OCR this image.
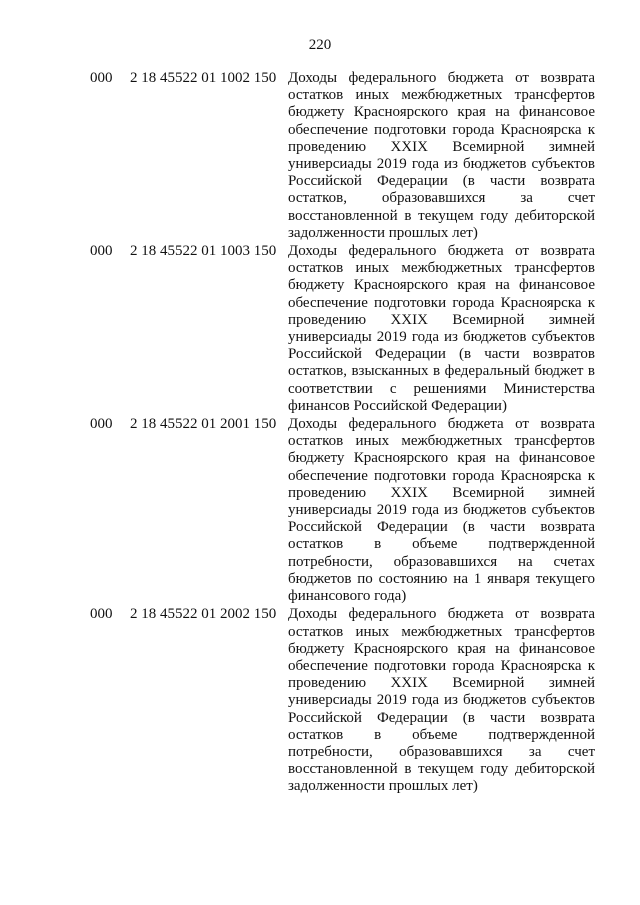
220
000	2 18 45522 01 1002 150 Доходы федерального бюджета от возврата остатков иных межбюджетных трансфертов бюджету Красноярского края на финансовое обеспечение подготовки города Красноярска к проведению XXIX Всемирной зимней универсиады 2019 года из бюджетов субъектов Российской Федерации (в части возврата остатков, образовавшихся за счет восстановленной в текущем году дебиторской задолженности прошлых лет)
000	2 18 45522 01 1003 150 Доходы федерального бюджета от возврата остатков иных межбюджетных трансфертов бюджету Красноярского края на финансовое обеспечение подготовки города Красноярска к проведению XXIX Всемирной зимней универсиады 2019 года из бюджетов субъектов Российской Федерации (в части возвратов остатков, взысканных в федеральный бюджет в соответствии с решениями Министерства финансов Российской Федерации)
000	2 18 45522 01 2001 150 Доходы федерального бюджета от возврата остатков иных межбюджетных трансфертов бюджету Красноярского края на финансовое обеспечение подготовки города Красноярска к проведению XXIX Всемирной зимней универсиады 2019 года из бюджетов субъектов Российской Федерации (в части возврата остатков в объеме подтвержденной потребности, образовавшихся на счетах бюджетов по состоянию на 1 января текущего финансового года)
000	2 18 45522 01 2002 150 Доходы федерального бюджета от возврата остатков иных межбюджетных трансфертов бюджету Красноярского края на финансовое обеспечение подготовки города Красноярска к проведению XXIX Всемирной зимней универсиады 2019 года из бюджетов субъектов Российской Федерации (в части возврата остатков в объеме подтвержденной потребности, образовавшихся за счет восстановленной в текущем году дебиторской задолженности прошлых лет)
